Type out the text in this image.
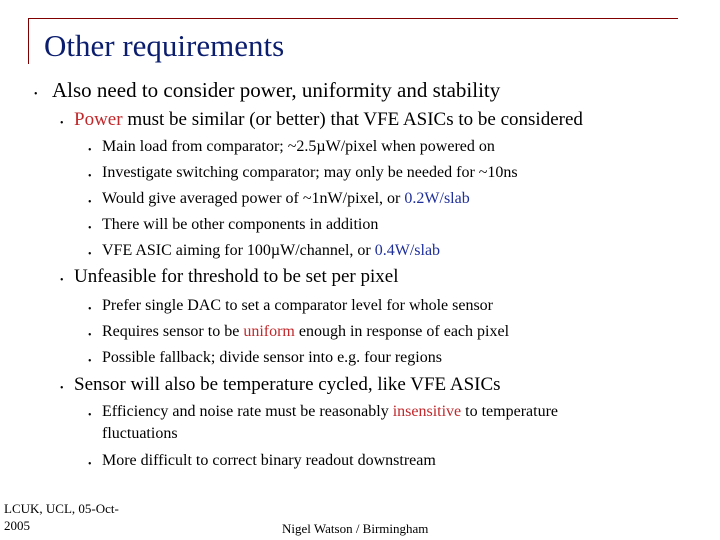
Other requirements
• Also need to consider power, uniformity and stability
• Power must be similar (or better) that VFE ASICs to be considered
• Main load from comparator; ~2.5µW/pixel when powered on
• Investigate switching comparator; may only be needed for ~10ns
• Would give averaged power of ~1nW/pixel, or 0.2W/slab
• There will be other components in addition
• VFE ASIC aiming for 100µW/channel, or 0.4W/slab
• Unfeasible for threshold to be set per pixel
• Prefer single DAC to set a comparator level for whole sensor
• Requires sensor to be uniform enough in response of each pixel
• Possible fallback; divide sensor into e.g. four regions
• Sensor will also be temperature cycled, like VFE ASICs
• Efficiency and noise rate must be reasonably insensitive to temperature
fluctuations
• More difficult to correct binary readout downstream
LCUK, UCL, 05-Oct-2005	Nigel Watson / Birmingham
